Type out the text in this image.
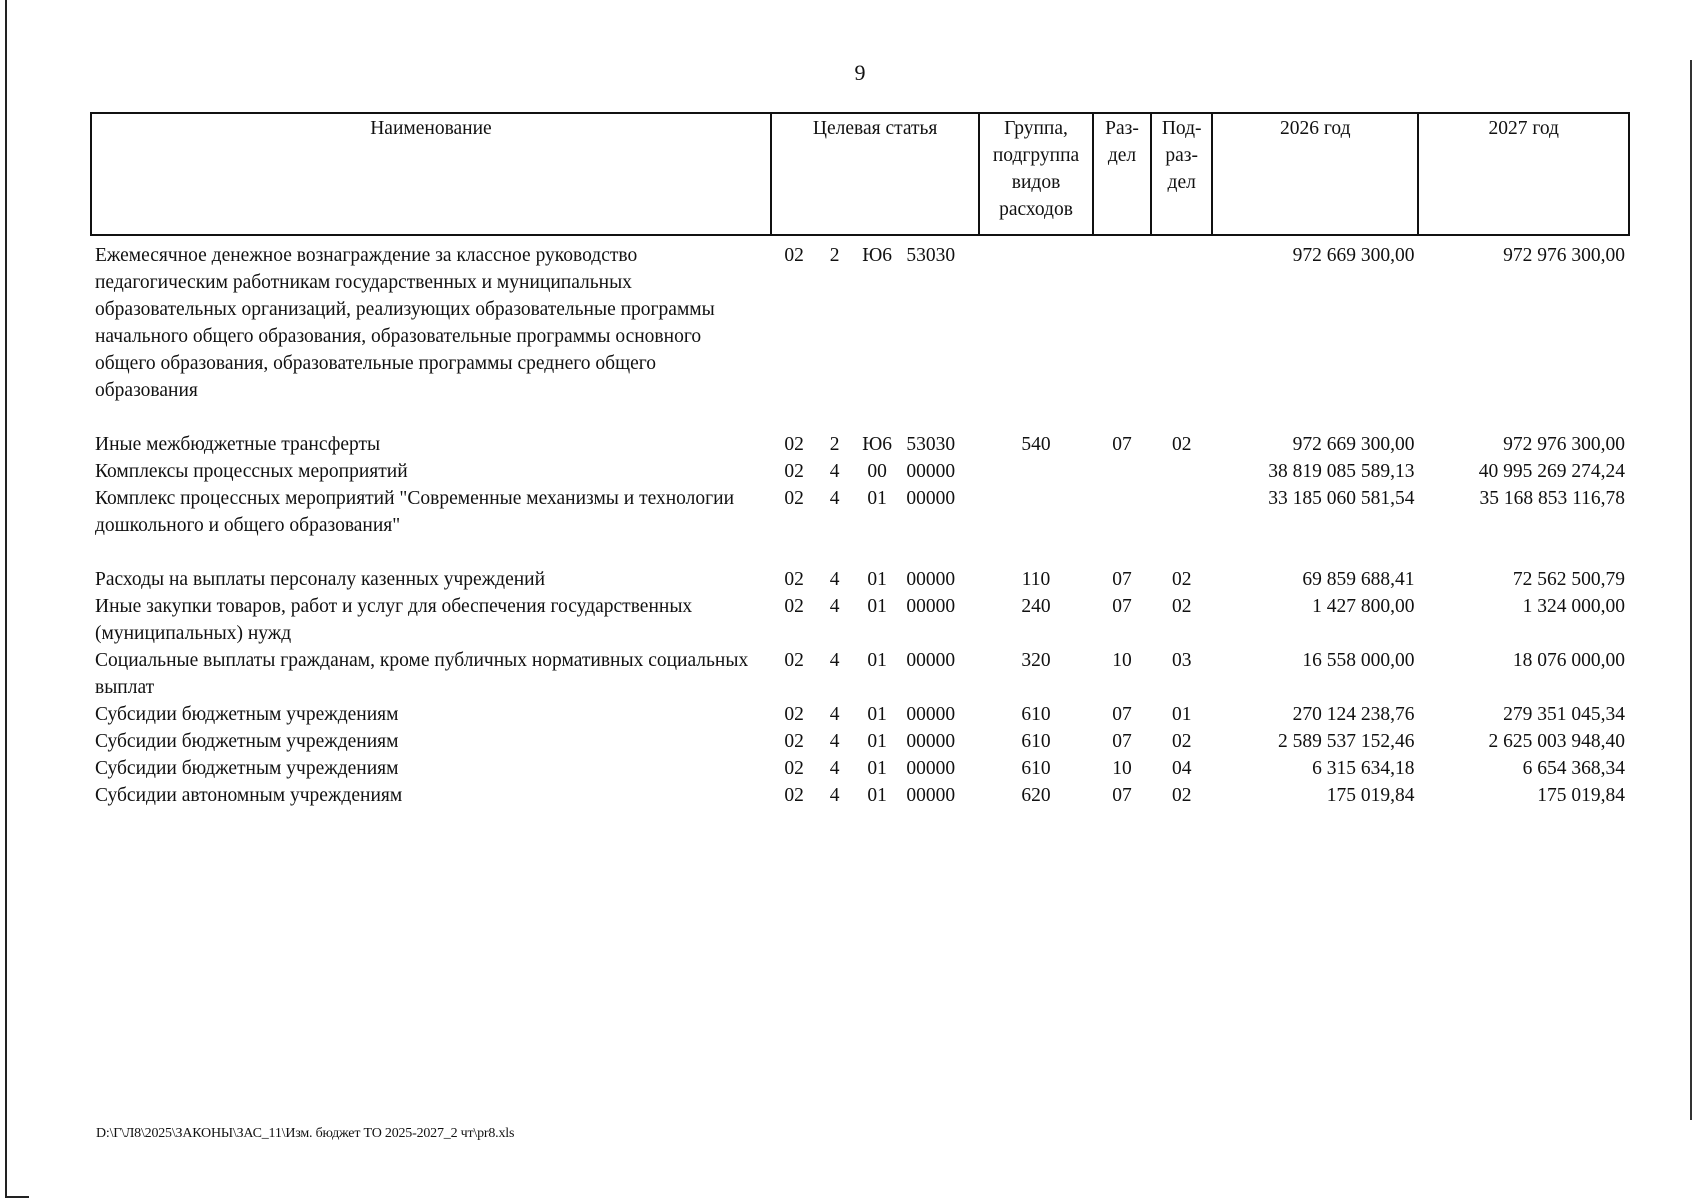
9
Наименование	Целевая статья				Группа, подгруппа видов расходов	Раз-дел	Под-раз-дел	2026 год	2027 год
Ежемесячное денежное вознаграждение за классное руководство педагогическим работникам государственных и муниципальных образовательных организаций, реализующих образовательные программы начального общего образования, образовательные программы основного общего образования, образовательные программы среднего общего образования	02	2	Ю6	53030				972 669 300,00	972 976 300,00
Иные межбюджетные трансферты	02	2	Ю6	53030	540	07	02	972 669 300,00	972 976 300,00
Комплексы процессных мероприятий	02	4	00	00000				38 819 085 589,13	40 995 269 274,24
Комплекс процессных мероприятий "Современные механизмы и технологии дошкольного и общего образования"	02	4	01	00000				33 185 060 581,54	35 168 853 116,78
Расходы на выплаты персоналу казенных учреждений	02	4	01	00000	110	07	02	69 859 688,41	72 562 500,79
Иные закупки товаров, работ и услуг для обеспечения государственных (муниципальных) нужд	02	4	01	00000	240	07	02	1 427 800,00	1 324 000,00
Социальные выплаты гражданам, кроме публичных нормативных социальных выплат	02	4	01	00000	320	10	03	16 558 000,00	18 076 000,00
Субсидии бюджетным учреждениям	02	4	01	00000	610	07	01	270 124 238,76	279 351 045,34
Субсидии бюджетным учреждениям	02	4	01	00000	610	07	02	2 589 537 152,46	2 625 003 948,40
Субсидии бюджетным учреждениям	02	4	01	00000	610	10	04	6 315 634,18	6 654 368,34
Субсидии автономным учреждениям	02	4	01	00000	620	07	02	175 019,84	175 019,84
D:\Г\Л8\2025\ЗАКОНЫ\ЗАС_11\Изм. бюджет ТО 2025-2027_2 чт\pr8.xls
